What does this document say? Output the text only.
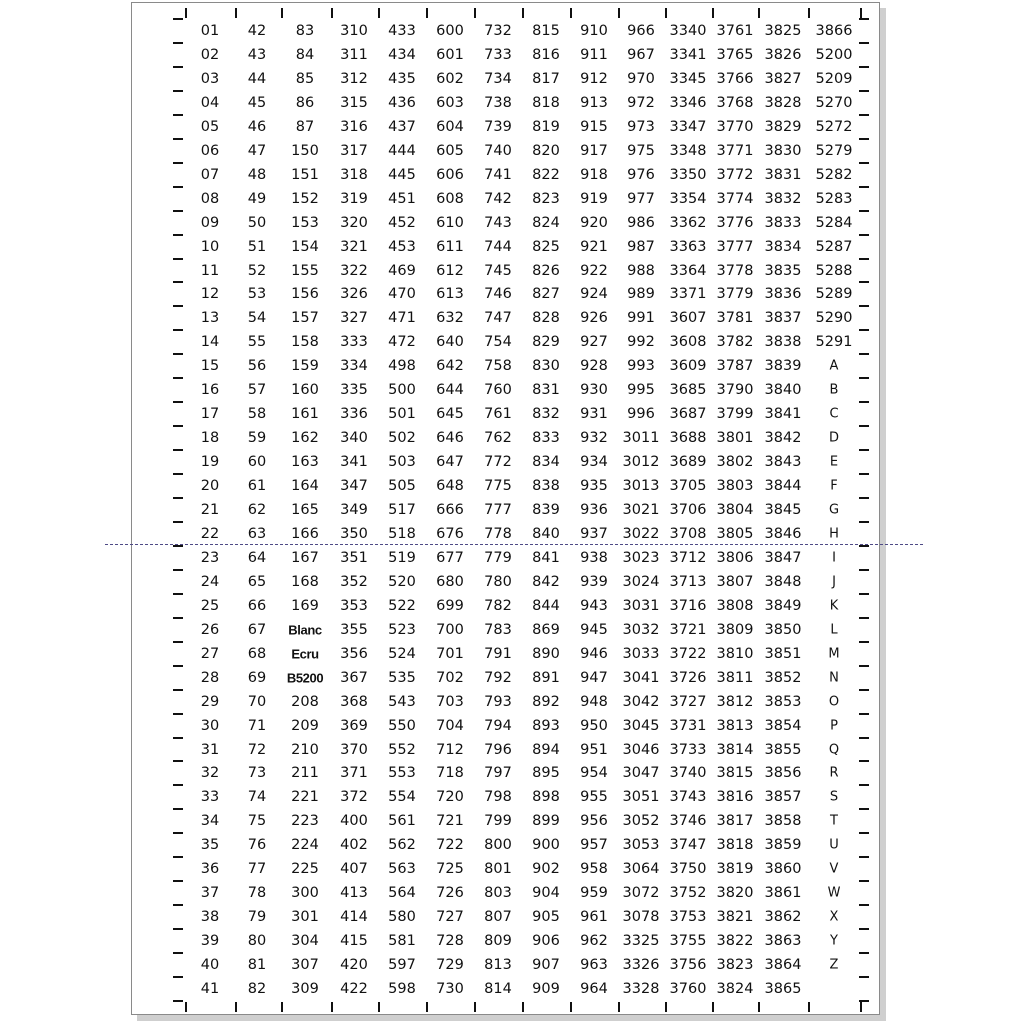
01 42 83 310 433 600 732 815 910 966 3340 3761 3825 3866
02 43 84 311 434 601 733 816 911 967 3341 3765 3826 5200
03 44 85 312 435 602 734 817 912 970 3345 3766 3827 5209
04 45 86 315 436 603 738 818 913 972 3346 3768 3828 5270
05 46 87 316 437 604 739 819 915 973 3347 3770 3829 5272
06 47 150 317 444 605 740 820 917 975 3348 3771 3830 5279
07 48 151 318 445 606 741 822 918 976 3350 3772 3831 5282
08 49 152 319 451 608 742 823 919 977 3354 3774 3832 5283
09 50 153 320 452 610 743 824 920 986 3362 3776 3833 5284
10 51 154 321 453 611 744 825 921 987 3363 3777 3834 5287
11 52 155 322 469 612 745 826 922 988 3364 3778 3835 5288
12 53 156 326 470 613 746 827 924 989 3371 3779 3836 5289
13 54 157 327 471 632 747 828 926 991 3607 3781 3837 5290
14 55 158 333 472 640 754 829 927 992 3608 3782 3838 5291
15 56 159 334 498 642 758 830 928 993 3609 3787 3839 A
16 57 160 335 500 644 760 831 930 995 3685 3790 3840 B
17 58 161 336 501 645 761 832 931 996 3687 3799 3841 C
18 59 162 340 502 646 762 833 932 3011 3688 3801 3842 D
19 60 163 341 503 647 772 834 934 3012 3689 3802 3843 E
20 61 164 347 505 648 775 838 935 3013 3705 3803 3844 F
21 62 165 349 517 666 777 839 936 3021 3706 3804 3845 G
22 63 166 350 518 676 778 840 937 3022 3708 3805 3846 H
23 64 167 351 519 677 779 841 938 3023 3712 3806 3847 I
24 65 168 352 520 680 780 842 939 3024 3713 3807 3848 J
25 66 169 353 522 699 782 844 943 3031 3716 3808 3849 K
26 67 Blanc 355 523 700 783 869 945 3032 3721 3809 3850 L
27 68 Ecru 356 524 701 791 890 946 3033 3722 3810 3851 M
28 69 B5200 367 535 702 792 891 947 3041 3726 3811 3852 N
29 70 208 368 543 703 793 892 948 3042 3727 3812 3853 O
30 71 209 369 550 704 794 893 950 3045 3731 3813 3854 P
31 72 210 370 552 712 796 894 951 3046 3733 3814 3855 Q
32 73 211 371 553 718 797 895 954 3047 3740 3815 3856 R
33 74 221 372 554 720 798 898 955 3051 3743 3816 3857 S
34 75 223 400 561 721 799 899 956 3052 3746 3817 3858 T
35 76 224 402 562 722 800 900 957 3053 3747 3818 3859 U
36 77 225 407 563 725 801 902 958 3064 3750 3819 3860 V
37 78 300 413 564 726 803 904 959 3072 3752 3820 3861 W
38 79 301 414 580 727 807 905 961 3078 3753 3821 3862 X
39 80 304 415 581 728 809 906 962 3325 3755 3822 3863 Y
40 81 307 420 597 729 813 907 963 3326 3756 3823 3864 Z
41 82 309 422 598 730 814 909 964 3328 3760 3824 3865
